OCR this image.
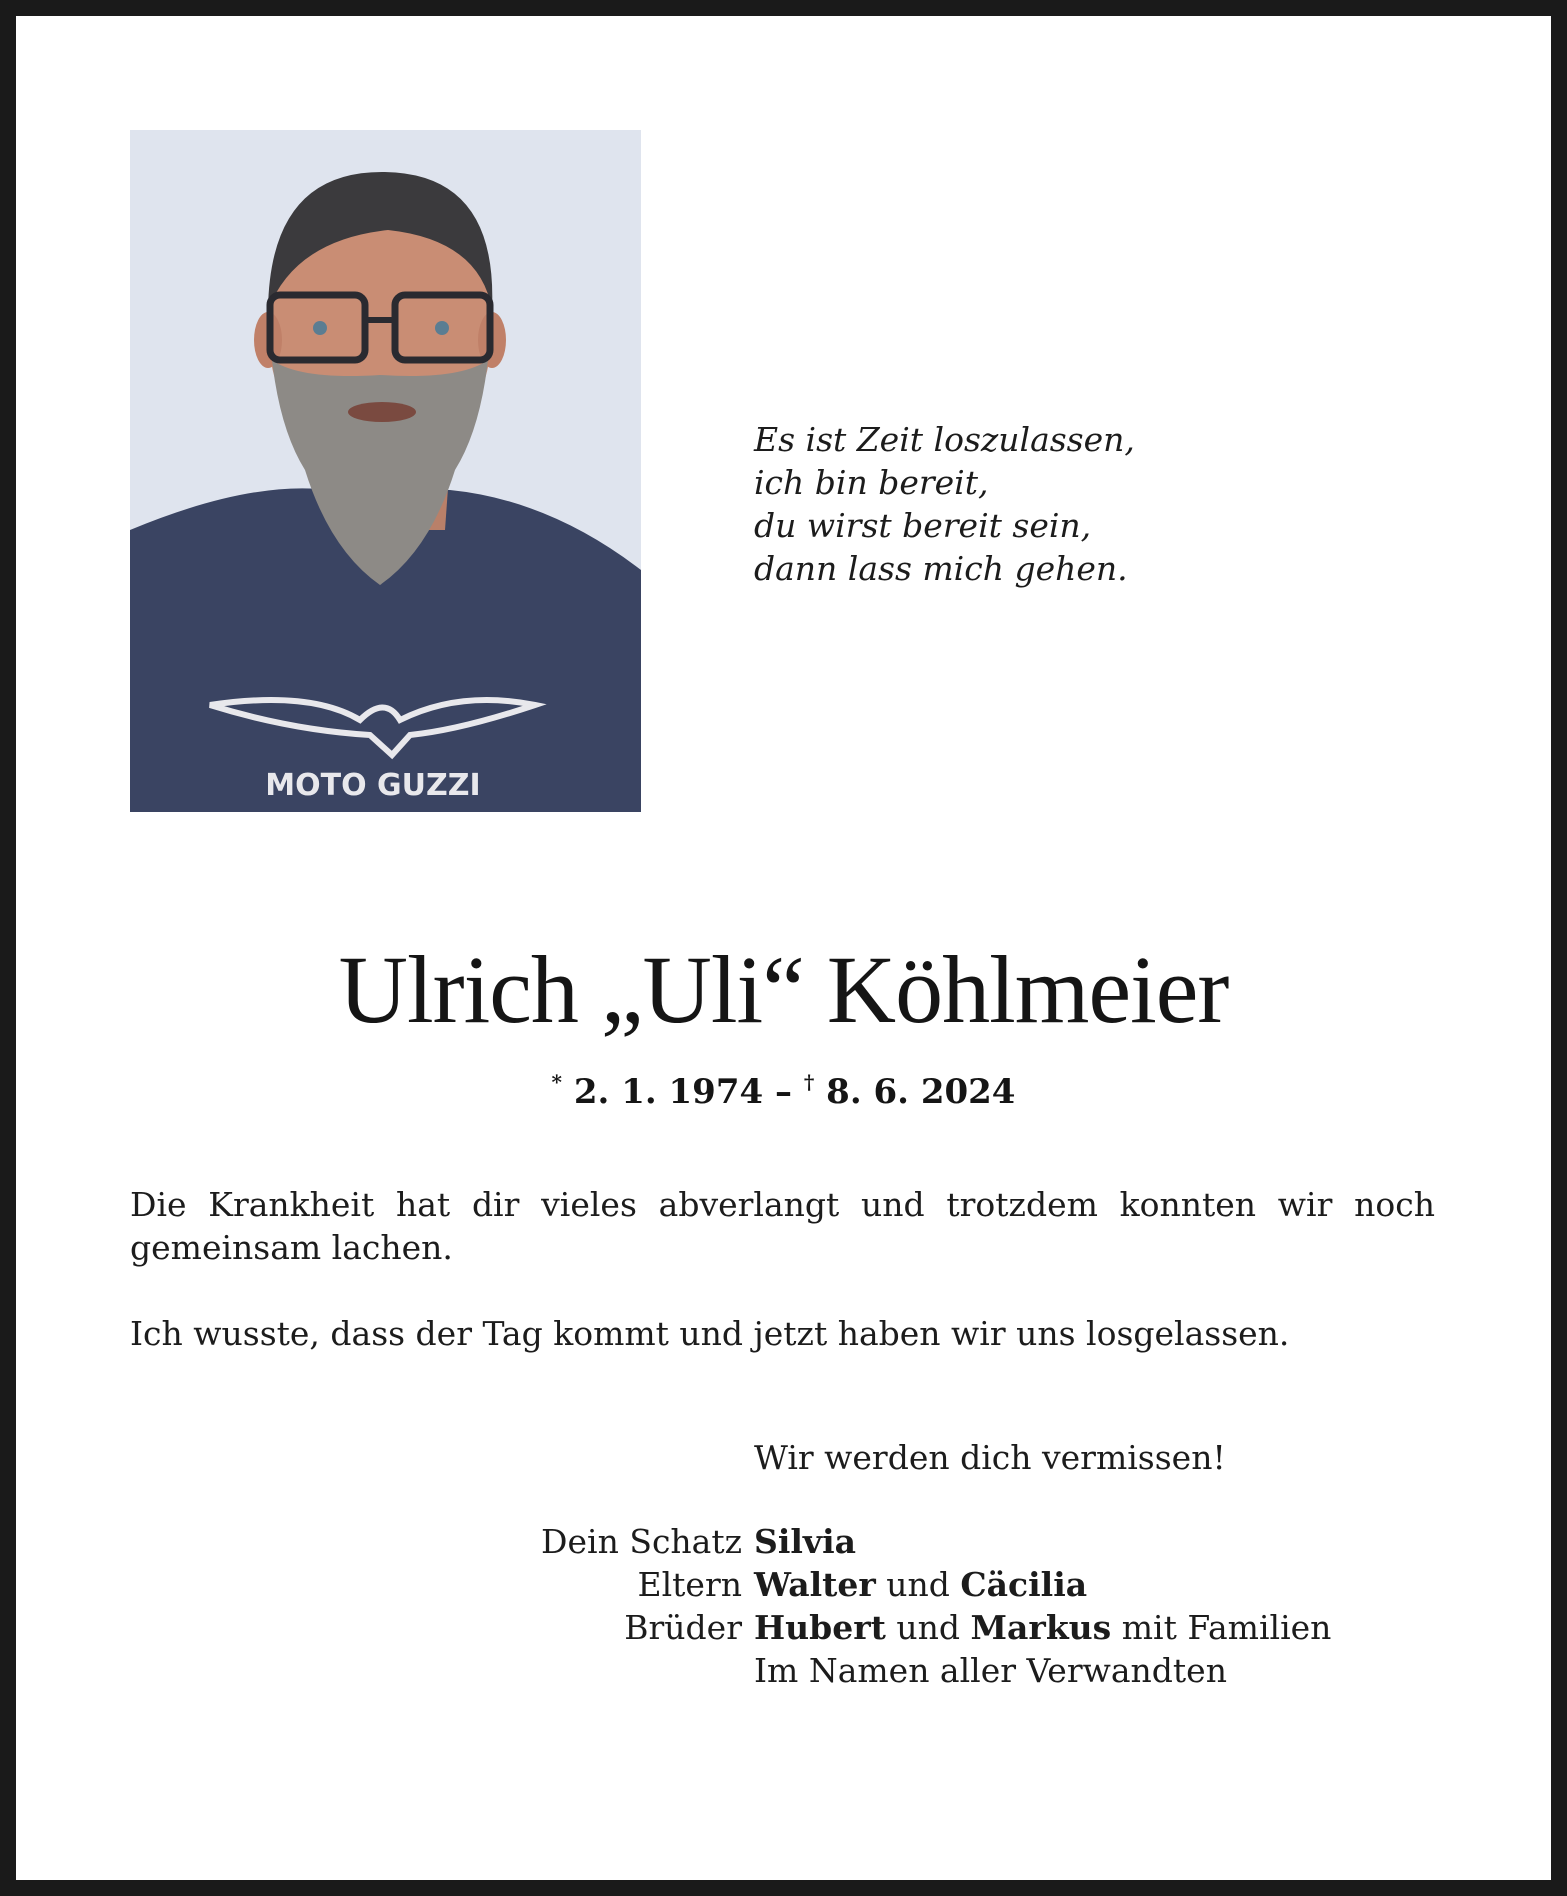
MOTO GUZZI
Es ist Zeit loszulassen,
ich bin bereit,
du wirst bereit sein,
dann lass mich gehen.
Ulrich „Uli“ Köhlmeier
* 2. 1. 1974 – † 8. 6. 2024
Die Krankheit hat dir vieles abverlangt und trotzdem konnten wir noch gemeinsam lachen.
Ich wusste, dass der Tag kommt und jetzt haben wir uns losgelassen.
Wir werden dich vermissen!
Dein Schatz Silvia
Eltern Walter und Cäcilia
Brüder Hubert und Markus mit Familien
Im Namen aller Verwandten
